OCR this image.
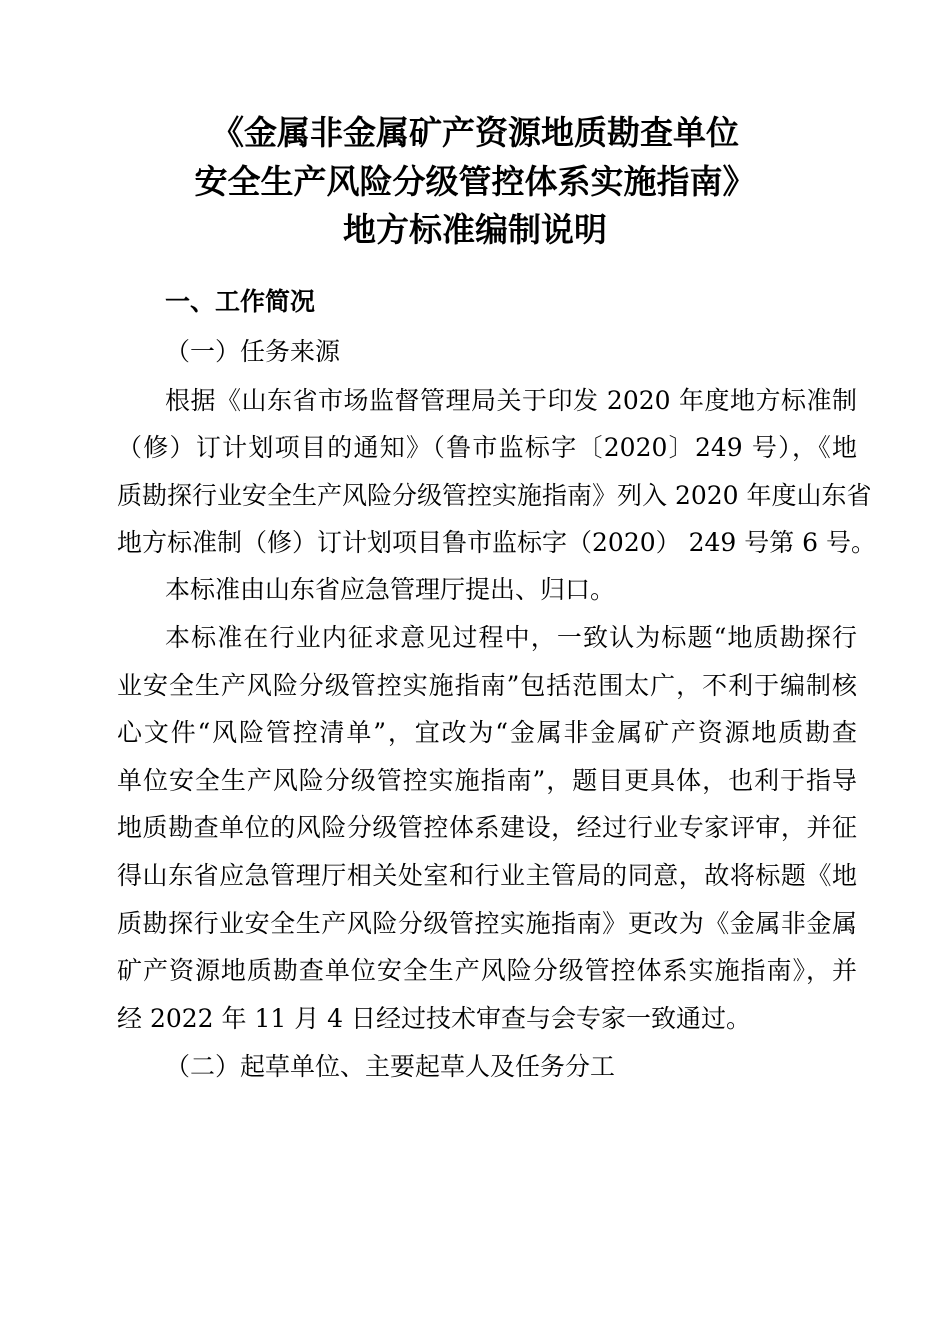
《金属非金属矿产资源地质勘查单位
安全生产风险分级管控体系实施指南》
地方标准编制说明
一、工作简况
（一）任务来源
根据《山东省市场监督管理局关于印发 2020 年度地方标准制
（修）订计划项目的通知》（鲁市监标字〔2020〕249 号），《地
质勘探行业安全生产风险分级管控实施指南》列入 2020 年度山东省
地方标准制（修）订计划项目鲁市监标字（2020） 249 号第 6 号。
本标准由山东省应急管理厅提出、归口。
本标准在行业内征求意见过程中，一致认为标题“地质勘探行
业安全生产风险分级管控实施指南”包括范围太广，不利于编制核
心文件“风险管控清单”，宜改为“金属非金属矿产资源地质勘查
单位安全生产风险分级管控实施指南”，题目更具体，也利于指导
地质勘查单位的风险分级管控体系建设，经过行业专家评审，并征
得山东省应急管理厅相关处室和行业主管局的同意，故将标题《地
质勘探行业安全生产风险分级管控实施指南》更改为《金属非金属
矿产资源地质勘查单位安全生产风险分级管控体系实施指南》，并
经 2022 年 11 月 4 日经过技术审查与会专家一致通过。
（二）起草单位、主要起草人及任务分工
